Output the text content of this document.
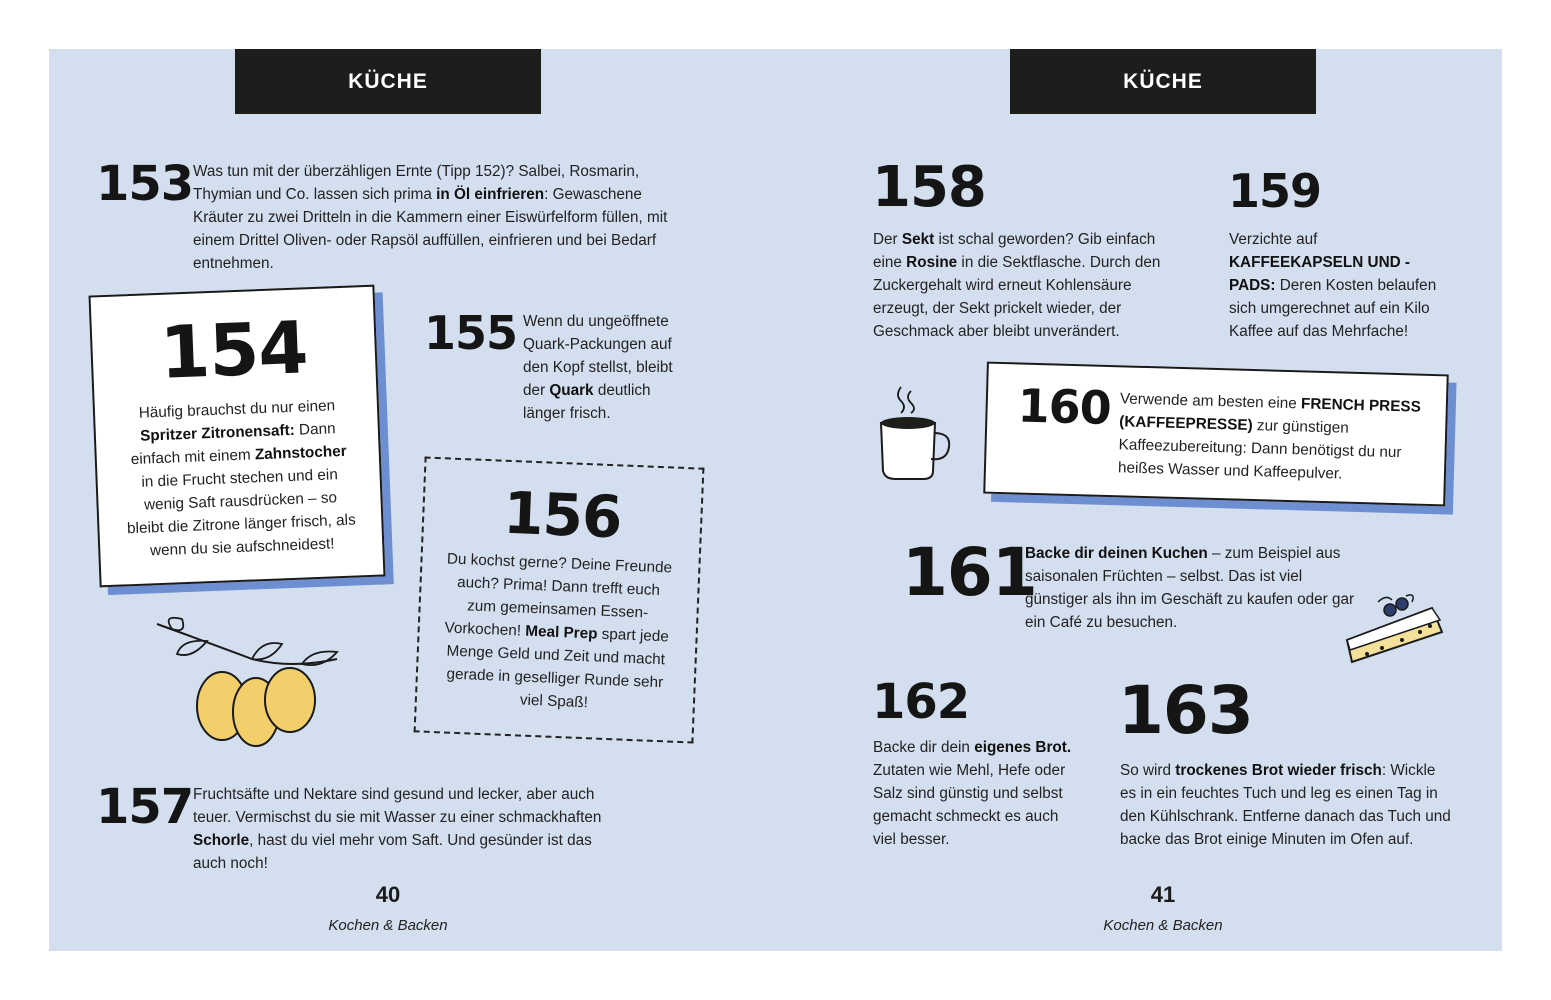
KÜCHE
153 Was tun mit der überzähligen Ernte (Tipp 152)? Salbei, Rosmarin, Thymian und Co. lassen sich prima in Öl einfrieren: Gewaschene Kräuter zu zwei Dritteln in die Kammern einer Eiswürfelform füllen, mit einem Drittel Oliven- oder Rapsöl auffüllen, einfrieren und bei Bedarf entnehmen.
154
Häufig brauchst du nur einen Spritzer Zitronensaft: Dann einfach mit einem Zahnstocher in die Frucht stechen und ein wenig Saft rausdrücken – so bleibt die Zitrone länger frisch, als wenn du sie aufschneidest!
155 Wenn du ungeöffnete Quark-Packungen auf den Kopf stellst, bleibt der Quark deutlich länger frisch.
156
Du kochst gerne? Deine Freunde auch? Prima! Dann trefft euch zum gemeinsamen Essen-Vorkochen! Meal Prep spart jede Menge Geld und Zeit und macht gerade in geselliger Runde sehr viel Spaß!
157 Fruchtsäfte und Nektare sind gesund und lecker, aber auch teuer. Vermischst du sie mit Wasser zu einer schmackhaften Schorle, hast du viel mehr vom Saft. Und gesünder ist das auch noch!
40
Kochen & Backen
KÜCHE
158
Der Sekt ist schal geworden? Gib einfach eine Rosine in die Sektflasche. Durch den Zuckergehalt wird erneut Kohlensäure erzeugt, der Sekt prickelt wieder, der Geschmack aber bleibt unverändert.
159
Verzichte auf KAFFEEKAPSELN UND -PADS: Deren Kosten belaufen sich umgerechnet auf ein Kilo Kaffee auf das Mehrfache!
160 Verwende am besten eine FRENCH PRESS (KAFFEEPRESSE) zur günstigen Kaffeezubereitung: Dann benötigst du nur heißes Wasser und Kaffeepulver.
161
Backe dir deinen Kuchen – zum Beispiel aus saisonalen Früchten – selbst. Das ist viel günstiger als ihn im Geschäft zu kaufen oder gar ein Café zu besuchen.
162
Backe dir dein eigenes Brot. Zutaten wie Mehl, Hefe oder Salz sind günstig und selbst gemacht schmeckt es auch viel besser.
163
So wird trockenes Brot wieder frisch: Wickle es in ein feuchtes Tuch und leg es einen Tag in den Kühlschrank. Entferne danach das Tuch und backe das Brot einige Minuten im Ofen auf.
41
Kochen & Backen
